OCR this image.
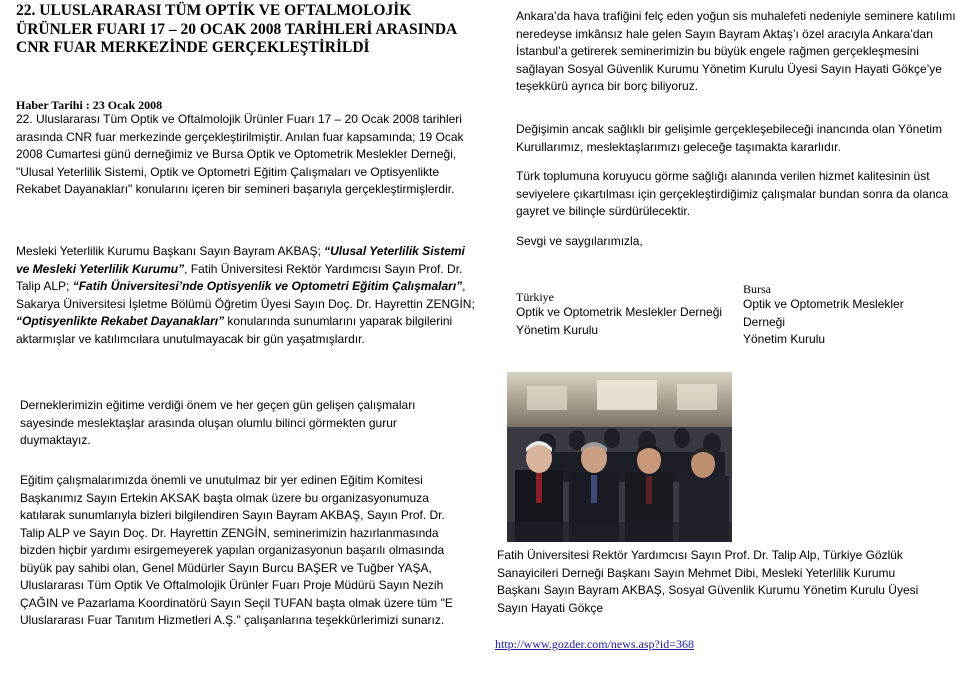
22. ULUSLARARASI TÜM OPTİK VE OFTALMOLOJİK ÜRÜNLER FUARI 17 – 20 OCAK 2008 TARİHLERİ ARASINDA CNR FUAR MERKEZİNDE GERÇEKLEŞTİRİLDİ
Haber Tarihi : 23 Ocak 2008

22. Uluslararası Tüm Optik ve Oftalmolojik Ürünler Fuarı 17 – 20 Ocak 2008 tarihleri arasında CNR fuar merkezinde gerçekleştirilmiştir. Anılan fuar kapsamında; 19 Ocak 2008 Cumartesi günü derneğimiz ve Bursa Optik ve Optometrik Meslekler Derneği, "Ulusal Yeterlilik Sistemi, Optik ve Optometri Eğitim Çalışmaları ve Optisyenlikte Rekabet Dayanakları" konularını içeren bir semineri başarıyla gerçekleştirmişlerdir.

Mesleki Yeterlilik Kurumu Başkanı Sayın Bayram AKBAŞ; “Ulusal Yeterlilik Sistemi ve Mesleki Yeterlilik Kurumu”, Fatih Üniversitesi Rektör Yardımcısı Sayın Prof. Dr. Talip ALP; “Fatih Üniversitesi’nde Optisyenlik ve Optometri Eğitim Çalışmaları”, Sakarya Üniversitesi İşletme Bölümü Öğretim Üyesi Sayın Doç. Dr. Hayrettin ZENGİN; “Optisyenlikte Rekabet Dayanakları” konularında sunumlarını yaparak bilgilerini aktarmışlar ve katılımcılara unutulmayacak bir gün yaşatmışlardır.

Derneklerimizin eğitime verdiği önem ve her geçen gün gelişen çalışmaları sayesinde meslektaşlar arasında oluşan olumlu bilinci görmekten gurur duymaktayız.

Eğitim çalışmalarımızda önemli ve unutulmaz bir yer edinen Eğitim Komitesi Başkanımız Sayın Ertekin AKSAK başta olmak üzere bu organizasyonumuza katılarak sunumlarıyla bizleri bilgilendiren Sayın Bayram AKBAŞ, Sayın Prof. Dr. Talip ALP ve Sayın Doç. Dr. Hayrettin ZENGİN, seminerimizin hazırlanmasında bizden hiçbir yardımı esirgemeyerek yapılan organizasyonun başarılı olmasında büyük pay sahibi olan, Genel Müdürler Sayın Burcu BAŞER ve Tuğber YAŞA, Uluslararası Tüm Optik Ve Oftalmolojik Ürünler Fuarı Proje Müdürü Sayın Nezih ÇAĞIN ve Pazarlama Koordinatörü Sayın Seçil TUFAN başta olmak üzere tüm "E Uluslararası Fuar Tanıtım Hizmetleri A.Ş." çalışanlarına teşekkürlerimizi sunarız.

Ankara’da hava trafiğini felç eden yoğun sis muhalefeti nedeniyle seminere katılımı neredeyse imkânsız hale gelen Sayın Bayram Aktaş’ı özel aracıyla Ankara’dan İstanbul’a getirerek seminerimizin bu büyük engele rağmen gerçekleşmesini sağlayan Sosyal Güvenlik Kurumu Yönetim Kurulu Üyesi Sayın Hayati Gökçe’ye teşekkürü ayrıca bir borç biliyoruz.

Değişimin ancak sağlıklı bir gelişimle gerçekleşebileceği inancında olan Yönetim Kurullarımız, meslektaşlarımızı geleceğe taşımakta kararlıdır.

Türk toplumuna koruyucu görme sağlığı alanında verilen hizmet kalitesinin üst seviyelere çıkartılması için gerçekleştirdiğimiz çalışmalar bundan sonra da olanca gayret ve bilinçle sürdürülecektir.

Sevgi ve saygılarımızla,

Türkiye
Optik ve Optometrik Meslekler Derneği
Yönetim Kurulu
Bursa
Optik ve Optometrik Meslekler Derneği
Yönetim Kurulu

Fatih Üniversitesi Rektör Yardımcısı Sayın Prof. Dr. Talip Alp, Türkiye Gözlük Sanayicileri Derneği Başkanı Sayın Mehmet Dibi, Mesleki Yeterlilik Kurumu Başkanı Sayın Bayram AKBAŞ, Sosyal Güvenlik Kurumu Yönetim Kurulu Üyesi Sayın Hayati Gökçe

http://www.gozder.com/news.asp?id=368
